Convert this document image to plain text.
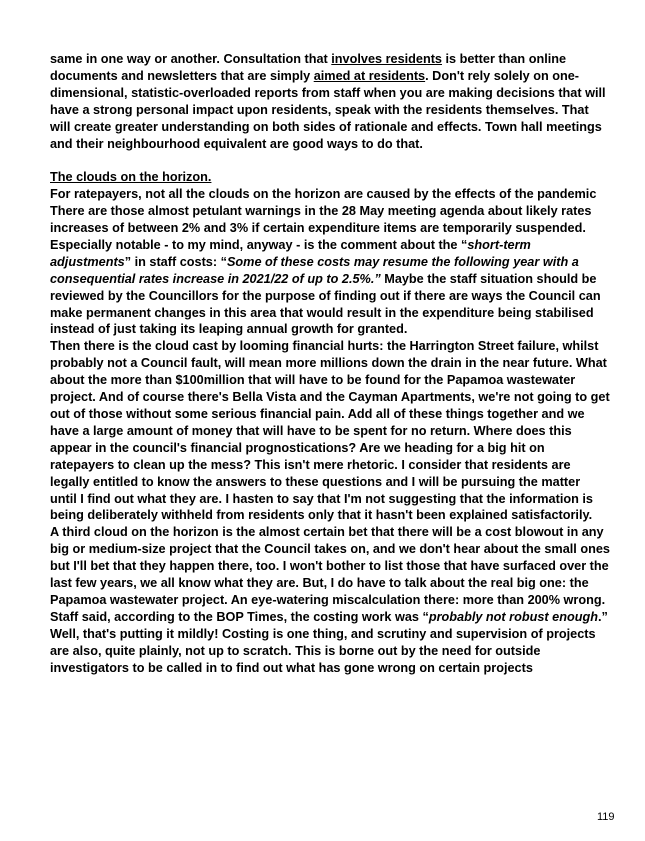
same in one way or another. Consultation that involves residents is better than online documents and newsletters that are simply aimed at residents. Don't rely solely on one-dimensional, statistic-overloaded reports from staff when you are making decisions that will have a strong personal impact upon residents, speak with the residents themselves. That will create greater understanding on both sides of rationale and effects. Town hall meetings and their neighbourhood equivalent are good ways to do that.

The clouds on the horizon.

For ratepayers, not all the clouds on the horizon are caused by the effects of the pandemic

There are those almost petulant warnings in the 28 May meeting agenda about likely rates increases of between 2% and 3% if certain expenditure items are temporarily suspended. Especially notable - to my mind, anyway - is the comment about the “short-term adjustments” in staff costs: “Some of these costs may resume the following year with a consequential rates increase in 2021/22 of up to 2.5%.” Maybe the staff situation should be reviewed by the Councillors for the purpose of finding out if there are ways the Council can make permanent changes in this area that would result in the expenditure being stabilised instead of just taking its leaping annual growth for granted.

Then there is the cloud cast by looming financial hurts: the Harrington Street failure, whilst probably not a Council fault, will mean more millions down the drain in the near future. What about the more than $100million that will have to be found for the Papamoa wastewater project. And of course there's Bella Vista and the Cayman Apartments, we're not going to get out of those without some serious financial pain. Add all of these things together and we have a large amount of money that will have to be spent for no return. Where does this appear in the council's financial prognostications? Are we heading for a big hit on ratepayers to clean up the mess? This isn't mere rhetoric. I consider that residents are legally entitled to know the answers to these questions and I will be pursuing the matter until I find out what they are. I hasten to say that I'm not suggesting that the information is being deliberately withheld from residents only that it hasn't been explained satisfactorily.

A third cloud on the horizon is the almost certain bet that there will be a cost blowout in any big or medium-size project that the Council takes on, and we don't hear about the small ones but I'll bet that they happen there, too. I won't bother to list those that have surfaced over the last few years, we all know what they are. But, I do have to talk about the real big one: the Papamoa wastewater project. An eye-watering miscalculation there: more than 200% wrong. Staff said, according to the BOP Times, the costing work was “probably not robust enough.” Well, that's putting it mildly! Costing is one thing, and scrutiny and supervision of projects are also, quite plainly, not up to scratch. This is borne out by the need for outside investigators to be called in to find out what has gone wrong on certain projects

119
